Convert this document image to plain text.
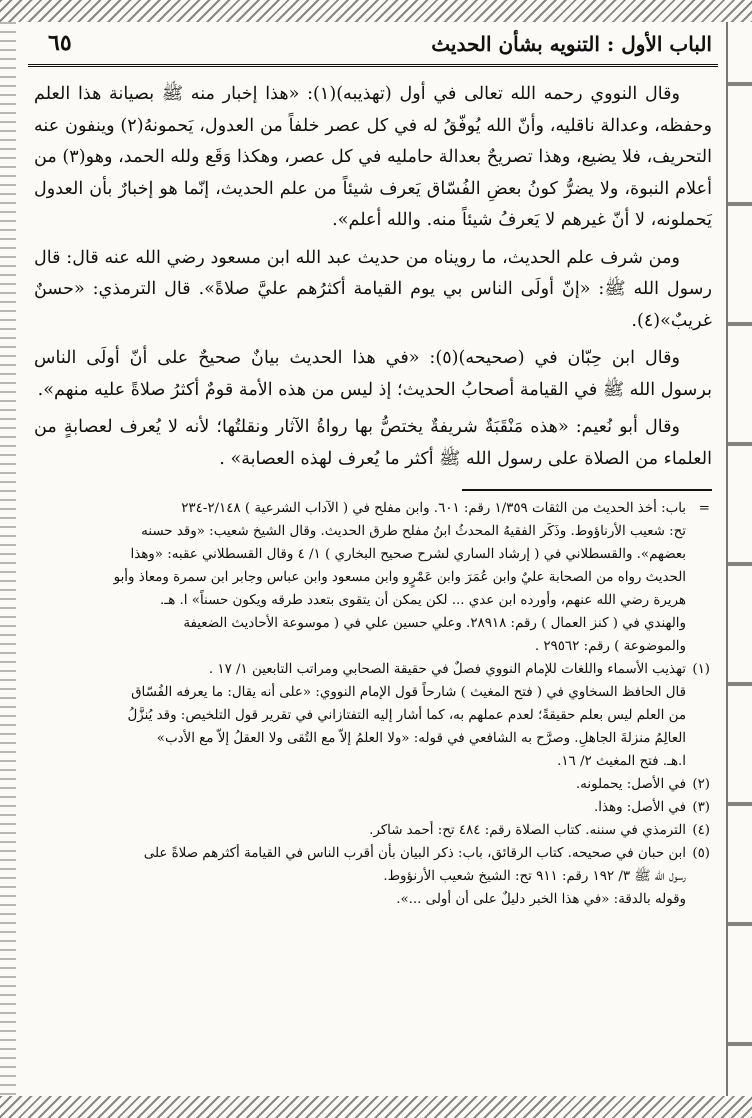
الباب الأول : التنويه بشأن الحديث
٦٥

وقال النووي رحمه الله تعالى في أول (تهذيبه)(١): «هذا إخبار منه ﷺ بصيانة هذا العلم وحفظه، وعدالة ناقليه، وأنّ الله يُوفّقُ له في كل عصر خلفاً من العدول، يَحمونهُ(٢) وينفون عنه التحريف، فلا يضيع، وهذا تصريحٌ بعدالة حامليه في كل عصر، وهكذا وَقَع ولله الحمد، وهو(٣) من أعلام النبوة، ولا يضرُّ كونُ بعضِ الفُسّاق يَعرف شيئاً من علم الحديث، إنّما هو إخبارٌ بأن العدول يَحملونه، لا أنّ غيرهم لا يَعرفُ شيئاً منه. والله أعلم».

ومن شرف علم الحديث، ما رويناه من حديث عبد الله ابن مسعود رضي الله عنه قال: قال رسول الله ﷺ: «إنّ أولَى الناس بي يوم القيامة أكثرُهم عليَّ صلاةً». قال الترمذي: «حسنٌ غريبٌ»(٤).

وقال ابن حِبّان في (صحيحه)(٥): «في هذا الحديث بيانٌ صحيحٌ على أنّ أولَى الناس برسول الله ﷺ في القيامة أصحابُ الحديث؛ إذ ليس من هذه الأمة قومٌ أكثرُ صلاةً عليه منهم».

وقال أبو نُعيم: «هذه مَنْقَبَةٌ شريفةٌ يختصُّ بها رواةُ الآثار ونقلتُها؛ لأنه لا يُعرف لعصابةٍ من العلماء من الصلاة على رسول الله ﷺ أكثر ما يُعرف لهذه العصابة» .

=
باب: أخذ الحديث من الثقات ١/٣٥٩ رقم: ٦٠١. وابن مفلح في ( الآداب الشرعية ) ٢/١٤٨-٢٣٤
تح: شعيب الأرناؤوط. وذَكَر الفقيهُ المحدثُ ابنُ مفلح طرق الحديث. وقال الشيخ شعيب: «وقد حسنه
بعضهم». والقسطلاني في ( إرشاد الساري لشرح صحيح البخاري ) ١/ ٤ وقال القسطلاني عقبه: «وهذا
الحديث رواه من الصحابة عليٌ وابن عُمَرَ وابن عَمْرٍو وابن مسعود وابن عباس وجابر ابن سمرة ومعاذ وأبو
هريرة رضي الله عنهم، وأورده ابن عدي ... لكن يمكن أن يتقوى بتعدد طرقه ويكون حسناً» ا. هـ.
والهندي في ( كنز العمال ) رقم: ٢٨٩١٨. وعلي حسين علي في ( موسوعة الأحاديث الضعيفة
والموضوعة ) رقم: ٢٩٥٦٢ .
(١)
تهذيب الأسماء واللغات للإمام النووي فصلٌ في حقيقة الصحابي ومراتب التابعين ١/ ١٧ .
قال الحافظ السخاوي في ( فتح المغيث ) شارحاً قول الإمام النووي: «على أنه يقال: ما يعرفه الفُسّاق
من العلم ليس بعلم حقيقةً؛ لعدم عملهم به، كما أشار إليه التفتازاني في تقرير قول التلخيص: وقد يُنزَّلُ
العالِمُ منزلةَ الجاهلِ. وصرَّح به الشافعي في قوله: «ولا العلمُ إلاّ مع التُقى ولا العقلُ إلاّ مع الأدب»
ا.هـ. فتح المغيث ٢/ ١٦.
(٢)
في الأصل: يحملونه.
(٣)
في الأصل: وهذا.
(٤)
الترمذي في سننه. كتاب الصلاة رقم: ٤٨٤ تح: أحمد شاكر.
(٥)
ابن حبان في صحيحه. كتاب الرقائق، باب: ذكر البيان بأن أقرب الناس في القيامة أكثرهم صلاةً على
رسول الله ﷺ ٣/ ١٩٢ رقم: ٩١١ تح: الشيخ شعيب الأرنؤوط.
وقوله بالدقة: «في هذا الخبر دليلٌ على أن أولى ...».
